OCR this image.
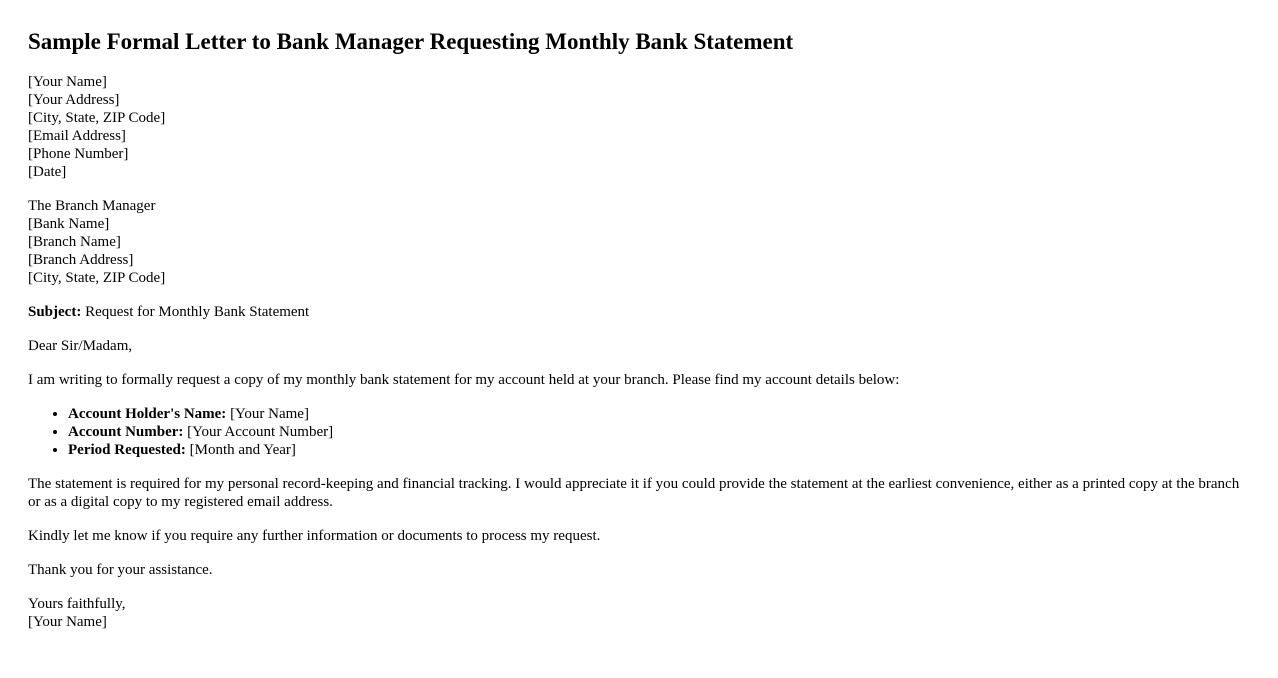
Sample Formal Letter to Bank Manager Requesting Monthly Bank Statement
[Your Name]
[Your Address]
[City, State, ZIP Code]
[Email Address]
[Phone Number]
[Date]
The Branch Manager
[Bank Name]
[Branch Name]
[Branch Address]
[City, State, ZIP Code]

Subject: Request for Monthly Bank Statement

Dear Sir/Madam,

I am writing to formally request a copy of my monthly bank statement for my account held at your branch. Please find my account details below:

• Account Holder's Name: [Your Name]
• Account Number: [Your Account Number]
• Period Requested: [Month and Year]

The statement is required for my personal record-keeping and financial tracking. I would appreciate it if you could provide the statement at the earliest convenience, either as a printed copy at the branch or as a digital copy to my registered email address.

Kindly let me know if you require any further information or documents to process my request.

Thank you for your assistance.

Yours faithfully,
[Your Name]
